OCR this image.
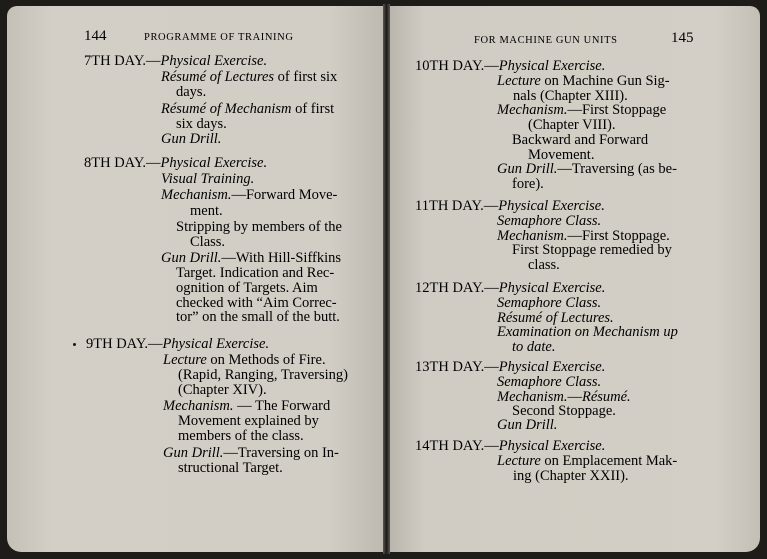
144	PROGRAMME OF TRAINING	FOR MACHINE GUN UNITS	145
7TH DAY.—Physical Exercise.
Résumé of Lectures of first six
days.
Résumé of Mechanism of first
six days.
Gun Drill.
8TH DAY.—Physical Exercise.
Visual Training.
Mechanism.—Forward Move-
ment.
Stripping by members of the
Class.
Gun Drill.—With Hill-Siffkins
Target. Indication and Rec-
ognition of Targets. Aim
checked with “Aim Correc-
tor” on the small of the butt.
9TH DAY.—Physical Exercise.
Lecture on Methods of Fire.
(Rapid, Ranging, Traversing)
(Chapter XIV).
Mechanism. — The Forward
Movement explained by
members of the class.
Gun Drill.—Traversing on In-
structional Target.
10TH DAY.—Physical Exercise.
Lecture on Machine Gun Sig-
nals (Chapter XIII).
Mechanism.—First Stoppage
(Chapter VIII).
Backward and Forward
Movement.
Gun Drill.—Traversing (as be-
fore).
11TH DAY.—Physical Exercise.
Semaphore Class.
Mechanism.—First Stoppage.
First Stoppage remedied by
class.
12TH DAY.—Physical Exercise.
Semaphore Class.
Résumé of Lectures.
Examination on Mechanism up
to date.
13TH DAY.—Physical Exercise.
Semaphore Class.
Mechanism.—Résumé.
Second Stoppage.
Gun Drill.
14TH DAY.—Physical Exercise.
Lecture on Emplacement Mak-
ing (Chapter XXII).
